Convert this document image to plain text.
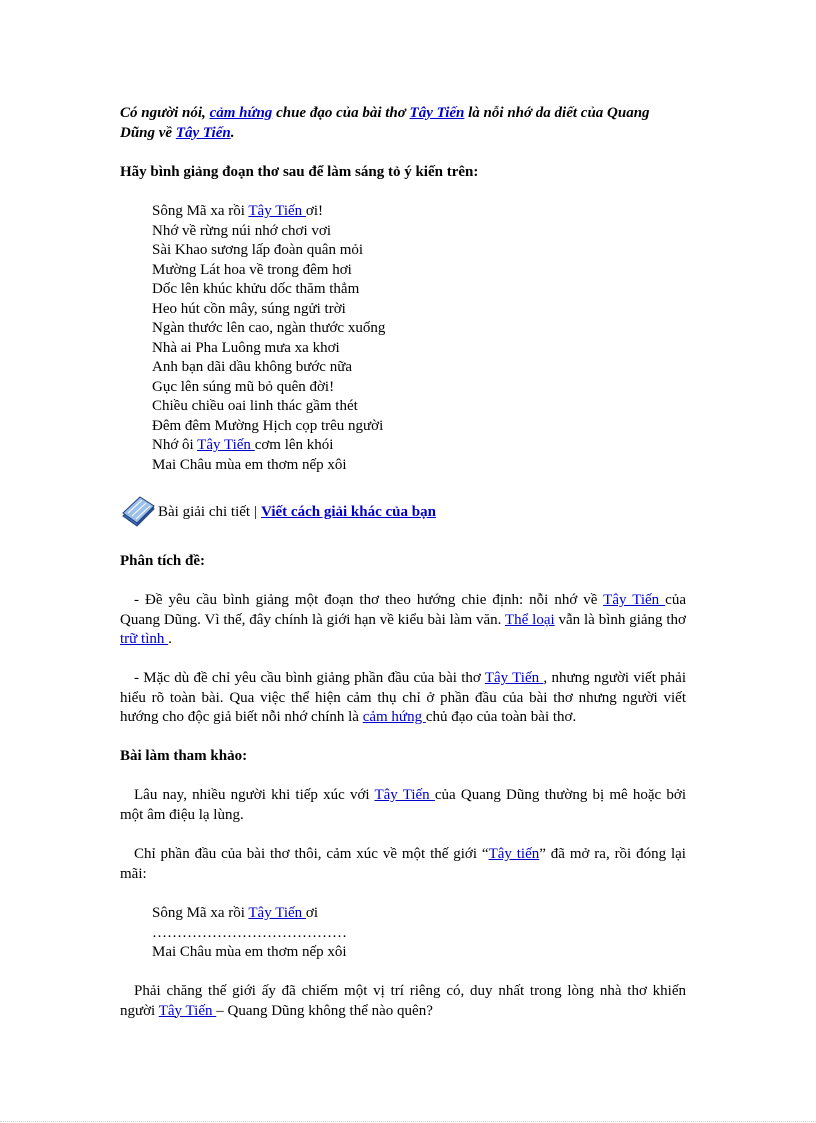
Có người nói, cảm hứng chue đạo của bài thơ Tây Tiến là nỗi nhớ da diết của Quang Dũng về Tây Tiến.

Hãy bình giảng đoạn thơ sau để làm sáng tỏ ý kiến trên:

Sông Mã xa rồi Tây Tiến ơi!
Nhớ về rừng núi nhớ chơi vơi
Sài Khao sương lấp đoàn quân mỏi
Mường Lát hoa về trong đêm hơi
Dốc lên khúc khửu dốc thăm thẳm
Heo hút cồn mây, súng ngửi trời
Ngàn thước lên cao, ngàn thước xuống
Nhà ai Pha Luông mưa xa khơi
Anh bạn dãi dầu không bước nữa
Gục lên súng mũ bỏ quên đời!
Chiều chiều oai linh thác gầm thét
Đêm đêm Mường Hịch cọp trêu người
Nhớ ôi Tây Tiến cơm lên khói
Mai Châu mùa em thơm nếp xôi
Bài giải chi tiết | Viết cách giải khác của bạn

Phân tích đề:

- Đề yêu cầu bình giảng một đoạn thơ theo hướng chie định: nỗi nhớ về Tây Tiến của Quang Dũng. Vì thế, đây chính là giới hạn về kiểu bài làm văn. Thể loại vẫn là bình giảng thơ trữ tình .

- Mặc dù đề chỉ yêu cầu bình giảng phần đầu của bài thơ Tây Tiến , nhưng người viết phải hiểu rõ toàn bài. Qua việc thể hiện cảm thụ chỉ ở phần đầu của bài thơ nhưng người viết hướng cho độc giả biết nỗi nhớ chính là cảm hứng chủ đạo của toàn bài thơ.

Bài làm tham khảo:

Lâu nay, nhiều người khi tiếp xúc với Tây Tiến của Quang Dũng thường bị mê hoặc bởi một âm điệu lạ lùng.

Chỉ phần đầu của bài thơ thôi, cảm xúc về một thế giới “Tây tiến” đã mở ra, rồi đóng lại mãi:

Sông Mã xa rồi Tây Tiến ơi
…………………………………
Mai Châu mùa em thơm nếp xôi

Phải chăng thế giới ấy đã chiếm một vị trí riêng có, duy nhất trong lòng nhà thơ khiến người Tây Tiến – Quang Dũng không thể nào quên?
